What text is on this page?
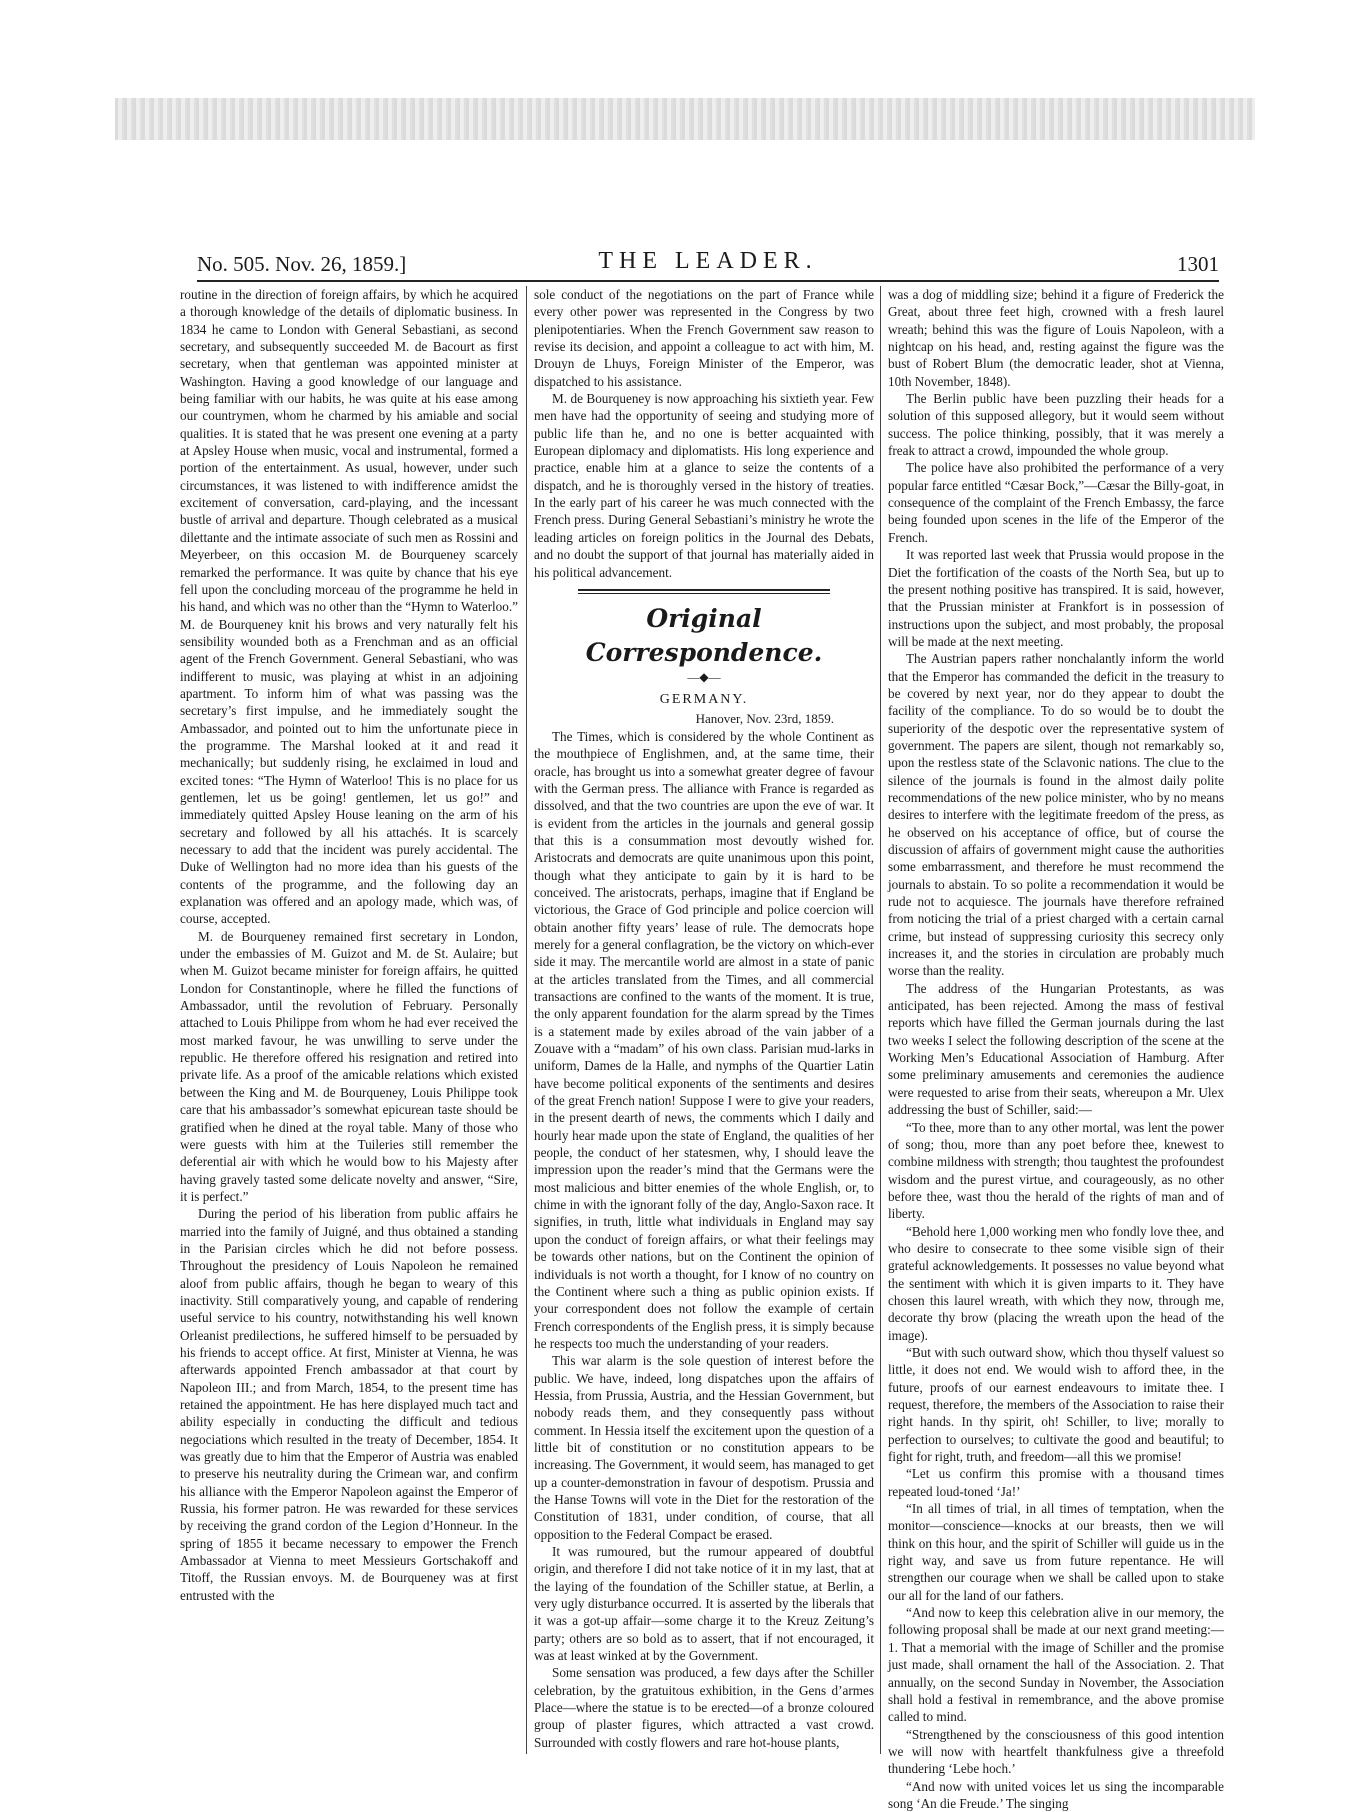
No. 505. Nov. 26, 1859.]	THE LEADER.	1301

routine in the direction of foreign affairs, by which he acquired a thorough knowledge of the details of diplomatic business. In 1834 he came to London with General Sebastiani, as second secretary, and subsequently succeeded M. de Bacourt as first secretary, when that gentleman was appointed minister at Washington. Having a good knowledge of our language and being familiar with our habits, he was quite at his ease among our countrymen, whom he charmed by his amiable and social qualities. It is stated that he was present one evening at a party at Apsley House when music, vocal and instrumental, formed a portion of the entertainment. As usual, however, under such circumstances, it was listened to with indifference amidst the excitement of conversation, card-playing, and the incessant bustle of arrival and departure. Though celebrated as a musical dilettante and the intimate associate of such men as Rossini and Meyerbeer, on this occasion M. de Bourqueney scarcely remarked the performance. It was quite by chance that his eye fell upon the concluding morceau of the programme he held in his hand, and which was no other than the “Hymn to Waterloo.” M. de Bourqueney knit his brows and very naturally felt his sensibility wounded both as a Frenchman and as an official agent of the French Government. General Sebastiani, who was indifferent to music, was playing at whist in an adjoining apartment. To inform him of what was passing was the secretary’s first impulse, and he immediately sought the Ambassador, and pointed out to him the unfortunate piece in the programme. The Marshal looked at it and read it mechanically; but suddenly rising, he exclaimed in loud and excited tones: “The Hymn of Waterloo! This is no place for us gentlemen, let us be going! gentlemen, let us go!” and immediately quitted Apsley House leaning on the arm of his secretary and followed by all his attachés. It is scarcely necessary to add that the incident was purely accidental. The Duke of Wellington had no more idea than his guests of the contents of the programme, and the following day an explanation was offered and an apology made, which was, of course, accepted.

M. de Bourqueney remained first secretary in London, under the embassies of M. Guizot and M. de St. Aulaire; but when M. Guizot became minister for foreign affairs, he quitted London for Constantinople, where he filled the functions of Ambassador, until the revolution of February. Personally attached to Louis Philippe from whom he had ever received the most marked favour, he was unwilling to serve under the republic. He therefore offered his resignation and retired into private life. As a proof of the amicable relations which existed between the King and M. de Bourqueney, Louis Philippe took care that his ambassador’s somewhat epicurean taste should be gratified when he dined at the royal table. Many of those who were guests with him at the Tuileries still remember the deferential air with which he would bow to his Majesty after having gravely tasted some delicate novelty and answer, “Sire, it is perfect.”

During the period of his liberation from public affairs he married into the family of Juigné, and thus obtained a standing in the Parisian circles which he did not before possess. Throughout the presidency of Louis Napoleon he remained aloof from public affairs, though he began to weary of this inactivity. Still comparatively young, and capable of rendering useful service to his country, notwithstanding his well known Orleanist predilections, he suffered himself to be persuaded by his friends to accept office. At first, Minister at Vienna, he was afterwards appointed French ambassador at that court by Napoleon III.; and from March, 1854, to the present time has retained the appointment. He has here displayed much tact and ability especially in conducting the difficult and tedious negociations which resulted in the treaty of December, 1854. It was greatly due to him that the Emperor of Austria was enabled to preserve his neutrality during the Crimean war, and confirm his alliance with the Emperor Napoleon against the Emperor of Russia, his former patron. He was rewarded for these services by receiving the grand cordon of the Legion d’Honneur. In the spring of 1855 it became necessary to empower the French Ambassador at Vienna to meet Messieurs Gortschakoff and Titoff, the Russian envoys. M. de Bourqueney was at first entrusted with the

sole conduct of the negotiations on the part of France while every other power was represented in the Congress by two plenipotentiaries. When the French Government saw reason to revise its decision, and appoint a colleague to act with him, M. Drouyn de Lhuys, Foreign Minister of the Emperor, was dispatched to his assistance.

M. de Bourqueney is now approaching his sixtieth year. Few men have had the opportunity of seeing and studying more of public life than he, and no one is better acquainted with European diplomacy and diplomatists. His long experience and practice, enable him at a glance to seize the contents of a dispatch, and he is thoroughly versed in the history of treaties. In the early part of his career he was much connected with the French press. During General Sebastiani’s ministry he wrote the leading articles on foreign politics in the Journal des Debats, and no doubt the support of that journal has materially aided in his political advancement.

Original Correspondence.
—◆—
GERMANY.
Hanover, Nov. 23rd, 1859.

The Times, which is considered by the whole Continent as the mouthpiece of Englishmen, and, at the same time, their oracle, has brought us into a somewhat greater degree of favour with the German press. The alliance with France is regarded as dissolved, and that the two countries are upon the eve of war. It is evident from the articles in the journals and general gossip that this is a consummation most devoutly wished for. Aristocrats and democrats are quite unanimous upon this point, though what they anticipate to gain by it is hard to be conceived. The aristocrats, perhaps, imagine that if England be victorious, the Grace of God principle and police coercion will obtain another fifty years’ lease of rule. The democrats hope merely for a general conflagration, be the victory on which-ever side it may. The mercantile world are almost in a state of panic at the articles translated from the Times, and all commercial transactions are confined to the wants of the moment. It is true, the only apparent foundation for the alarm spread by the Times is a statement made by exiles abroad of the vain jabber of a Zouave with a “madam” of his own class. Parisian mud-larks in uniform, Dames de la Halle, and nymphs of the Quartier Latin have become political exponents of the sentiments and desires of the great French nation! Suppose I were to give your readers, in the present dearth of news, the comments which I daily and hourly hear made upon the state of England, the qualities of her people, the conduct of her statesmen, why, I should leave the impression upon the reader’s mind that the Germans were the most malicious and bitter enemies of the whole English, or, to chime in with the ignorant folly of the day, Anglo-Saxon race. It signifies, in truth, little what individuals in England may say upon the conduct of foreign affairs, or what their feelings may be towards other nations, but on the Continent the opinion of individuals is not worth a thought, for I know of no country on the Continent where such a thing as public opinion exists. If your correspondent does not follow the example of certain French correspondents of the English press, it is simply because he respects too much the understanding of your readers.

This war alarm is the sole question of interest before the public. We have, indeed, long dispatches upon the affairs of Hessia, from Prussia, Austria, and the Hessian Government, but nobody reads them, and they consequently pass without comment. In Hessia itself the excitement upon the question of a little bit of constitution or no constitution appears to be increasing. The Government, it would seem, has managed to get up a counter-demonstration in favour of despotism. Prussia and the Hanse Towns will vote in the Diet for the restoration of the Constitution of 1831, under condition, of course, that all opposition to the Federal Compact be erased.

It was rumoured, but the rumour appeared of doubtful origin, and therefore I did not take notice of it in my last, that at the laying of the foundation of the Schiller statue, at Berlin, a very ugly disturbance occurred. It is asserted by the liberals that it was a got-up affair—some charge it to the Kreuz Zeitung’s party; others are so bold as to assert, that if not encouraged, it was at least winked at by the Government.

Some sensation was produced, a few days after the Schiller celebration, by the gratuitous exhibition, in the Gens d’armes Place—where the statue is to be erected—of a bronze coloured group of plaster figures, which attracted a vast crowd. Surrounded with costly flowers and rare hot-house plants,

was a dog of middling size; behind it a figure of Frederick the Great, about three feet high, crowned with a fresh laurel wreath; behind this was the figure of Louis Napoleon, with a nightcap on his head, and, resting against the figure was the bust of Robert Blum (the democratic leader, shot at Vienna, 10th November, 1848).

The Berlin public have been puzzling their heads for a solution of this supposed allegory, but it would seem without success. The police thinking, possibly, that it was merely a freak to attract a crowd, impounded the whole group.

The police have also prohibited the performance of a very popular farce entitled “Cæsar Bock,”—Cæsar the Billy-goat, in consequence of the complaint of the French Embassy, the farce being founded upon scenes in the life of the Emperor of the French.

It was reported last week that Prussia would propose in the Diet the fortification of the coasts of the North Sea, but up to the present nothing positive has transpired. It is said, however, that the Prussian minister at Frankfort is in possession of instructions upon the subject, and most probably, the proposal will be made at the next meeting.

The Austrian papers rather nonchalantly inform the world that the Emperor has commanded the deficit in the treasury to be covered by next year, nor do they appear to doubt the facility of the compliance. To do so would be to doubt the superiority of the despotic over the representative system of government. The papers are silent, though not remarkably so, upon the restless state of the Sclavonic nations. The clue to the silence of the journals is found in the almost daily polite recommendations of the new police minister, who by no means desires to interfere with the legitimate freedom of the press, as he observed on his acceptance of office, but of course the discussion of affairs of government might cause the authorities some embarrassment, and therefore he must recommend the journals to abstain. To so polite a recommendation it would be rude not to acquiesce. The journals have therefore refrained from noticing the trial of a priest charged with a certain carnal crime, but instead of suppressing curiosity this secrecy only increases it, and the stories in circulation are probably much worse than the reality.

The address of the Hungarian Protestants, as was anticipated, has been rejected. Among the mass of festival reports which have filled the German journals during the last two weeks I select the following description of the scene at the Working Men’s Educational Association of Hamburg. After some preliminary amusements and ceremonies the audience were requested to arise from their seats, whereupon a Mr. Ulex addressing the bust of Schiller, said:—

“To thee, more than to any other mortal, was lent the power of song; thou, more than any poet before thee, knewest to combine mildness with strength; thou taughtest the profoundest wisdom and the purest virtue, and courageously, as no other before thee, wast thou the herald of the rights of man and of liberty.

“Behold here 1,000 working men who fondly love thee, and who desire to consecrate to thee some visible sign of their grateful acknowledgements. It possesses no value beyond what the sentiment with which it is given imparts to it. They have chosen this laurel wreath, with which they now, through me, decorate thy brow (placing the wreath upon the head of the image).

“But with such outward show, which thou thyself valuest so little, it does not end. We would wish to afford thee, in the future, proofs of our earnest endeavours to imitate thee. I request, therefore, the members of the Association to raise their right hands. In thy spirit, oh! Schiller, to live; morally to perfection to ourselves; to cultivate the good and beautiful; to fight for right, truth, and freedom—all this we promise!

“Let us confirm this promise with a thousand times repeated loud-toned ‘Ja!’

“In all times of trial, in all times of temptation, when the monitor—conscience—knocks at our breasts, then we will think on this hour, and the spirit of Schiller will guide us in the right way, and save us from future repentance. He will strengthen our courage when we shall be called upon to stake our all for the land of our fathers.

“And now to keep this celebration alive in our memory, the following proposal shall be made at our next grand meeting:—1. That a memorial with the image of Schiller and the promise just made, shall ornament the hall of the Association. 2. That annually, on the second Sunday in November, the Association shall hold a festival in remembrance, and the above promise called to mind.

“Strengthened by the consciousness of this good intention we will now with heartfelt thankfulness give a threefold thundering ‘Lebe hoch.’

“And now with united voices let us sing the incomparable song ‘An die Freude.’ The singing
